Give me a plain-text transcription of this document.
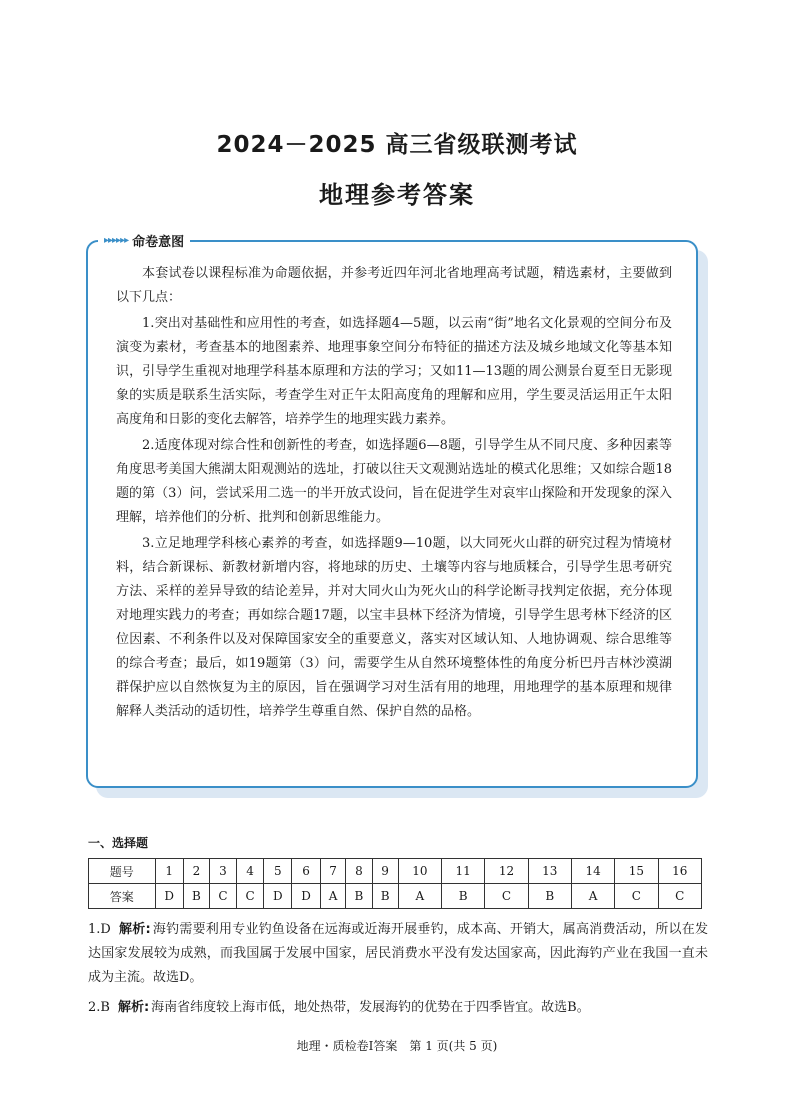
2024－2025 高三省级联测考试
地理参考答案
▸▸▸▸▸▸ 命卷意图

本套试卷以课程标准为命题依据，并参考近四年河北省地理高考试题，精选素材，主要做到以下几点：

1.突出对基础性和应用性的考查，如选择题4—5题，以云南“街”地名文化景观的空间分布及演变为素材，考查基本的地图素养、地理事象空间分布特征的描述方法及城乡地域文化等基本知识，引导学生重视对地理学科基本原理和方法的学习；又如11—13题的周公测景台夏至日无影现象的实质是联系生活实际，考查学生对正午太阳高度角的理解和应用，学生要灵活运用正午太阳高度角和日影的变化去解答，培养学生的地理实践力素养。

2.适度体现对综合性和创新性的考查，如选择题6—8题，引导学生从不同尺度、多种因素等角度思考美国大熊湖太阳观测站的选址，打破以往天文观测站选址的模式化思维；又如综合题18题的第（3）问，尝试采用二选一的半开放式设问，旨在促进学生对哀牢山探险和开发现象的深入理解，培养他们的分析、批判和创新思维能力。

3.立足地理学科核心素养的考查，如选择题9—10题，以大同死火山群的研究过程为情境材料，结合新课标、新教材新增内容，将地球的历史、土壤等内容与地质糅合，引导学生思考研究方法、采样的差异导致的结论差异，并对大同火山为死火山的科学论断寻找判定依据，充分体现对地理实践力的考查；再如综合题17题，以宝丰县林下经济为情境，引导学生思考林下经济的区位因素、不利条件以及对保障国家安全的重要意义，落实对区域认知、人地协调观、综合思维等的综合考查；最后，如19题第（3）问，需要学生从自然环境整体性的角度分析巴丹吉林沙漠湖群保护应以自然恢复为主的原因，旨在强调学习对生活有用的地理，用地理学的基本原理和规律解释人类活动的适切性，培养学生尊重自然、保护自然的品格。

一、选择题
题号	1	2	3	4	5	6	7	8	9	10	11	12	13	14	15	16
答案	D	B	C	C	D	D	A	B	B	A	B	C	B	A	C	C
1.D 解析: 海钓需要利用专业钓鱼设备在远海或近海开展垂钓，成本高、开销大，属高消费活动，所以在发达国家发展较为成熟，而我国属于发展中国家，居民消费水平没有发达国家高，因此海钓产业在我国一直未成为主流。故选D。
2.B 解析: 海南省纬度较上海市低，地处热带，发展海钓的优势在于四季皆宜。故选B。
地理・质检卷Ⅰ答案　第 1 页(共 5 页)
